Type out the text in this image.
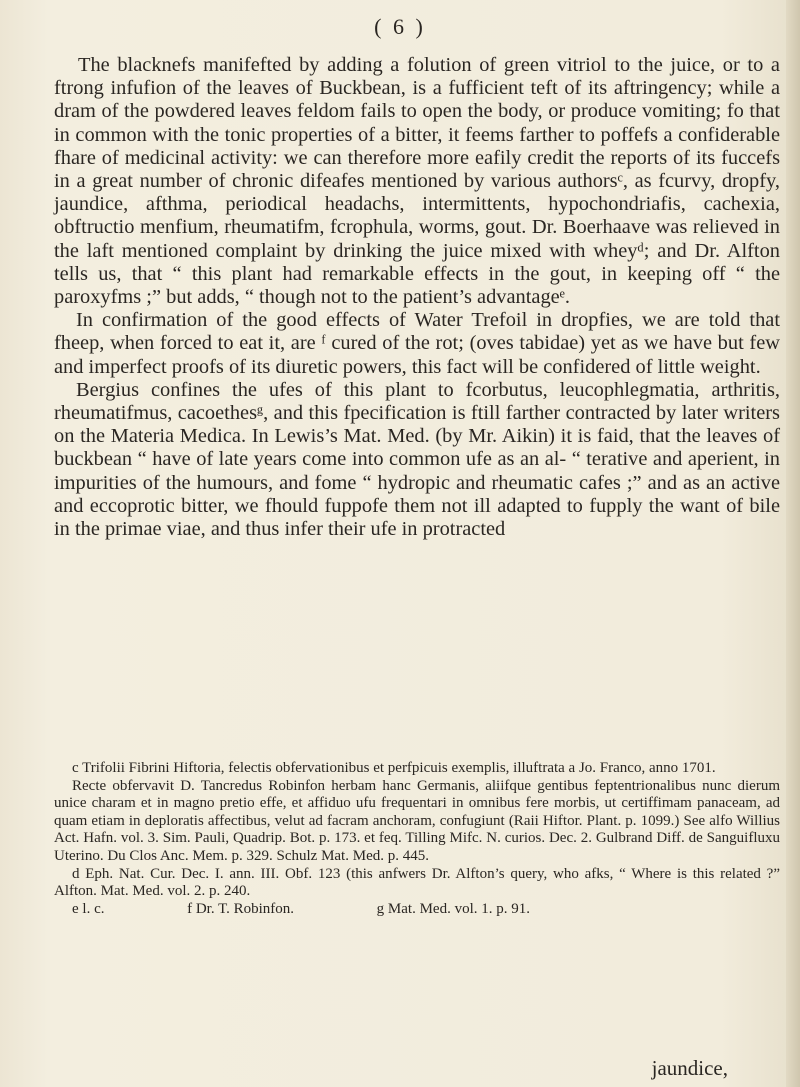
( 6 )

The blacknefs manifefted by adding a folution of green vitriol to the juice, or to a ftrong infufion of the leaves of Buckbean, is a fufficient teft of its aftringency; while a dram of the powdered leaves feldom fails to open the body, or produce vomiting; fo that in common with the tonic properties of a bitter, it feems farther to poffefs a confiderable fhare of medicinal activity: we can therefore more eafily credit the reports of its fuccefs in a great number of chronic difeafes mentioned by various authorsᶜ, as fcurvy, dropfy, jaundice, afthma, periodical headachs, intermittents, hypochondriafis, cachexia, obftructio menfium, rheumatifm, fcrophula, worms, gout. Dr. Boerhaave was relieved in the laft mentioned complaint by drinking the juice mixed with wheyᵈ; and Dr. Alfton tells us, that “ this plant had remarkable effects in the gout, in keeping off “ the paroxyfms ;” but adds, “ though not to the patient’s advantageᵉ.

In confirmation of the good effects of Water Trefoil in dropfies, we are told that fheep, when forced to eat it, are ᶠ cured of the rot; (oves tabidae) yet as we have but few and imperfect proofs of its diuretic powers, this fact will be confidered of little weight.

Bergius confines the ufes of this plant to fcorbutus, leucophlegmatia, arthritis, rheumatifmus, cacoethesᵍ, and this fpecification is ftill farther contracted by later writers on the Materia Medica. In Lewis’s Mat. Med. (by Mr. Aikin) it is faid, that the leaves of buckbean “ have of late years come into common ufe as an al- “ terative and aperient, in impurities of the humours, and fome “ hydropic and rheumatic cafes ;” and as an active and eccoprotic bitter, we fhould fuppofe them not ill adapted to fupply the want of bile in the primae viae, and thus infer their ufe in protracted

c Trifolii Fibrini Hiftoria, felectis obfervationibus et perfpicuis exemplis, illuftrata a Jo. Franco, anno 1701.

Recte obfervavit D. Tancredus Robinfon herbam hanc Germanis, aliifque gentibus feptentrionalibus nunc dierum unice charam et in magno pretio effe, et affiduo ufu frequentari in omnibus fere morbis, ut certiffimam panaceam, ad quam etiam in deploratis affectibus, velut ad facram anchoram, confugiunt (Raii Hiftor. Plant. p. 1099.) See alfo Willius Act. Hafn. vol. 3. Sim. Pauli, Quadrip. Bot. p. 173. et feq. Tilling Mifc. N. curios. Dec. 2. Gulbrand Diff. de Sanguifluxu Uterino. Du Clos Anc. Mem. p. 329. Schulz Mat. Med. p. 445.

d Eph. Nat. Cur. Dec. I. ann. III. Obf. 123 (this anfwers Dr. Alfton’s query, who afks, “ Where is this related ?” Alfton. Mat. Med. vol. 2. p. 240.

e l. c.	f Dr. T. Robinfon.	g Mat. Med. vol. 1. p. 91.
jaundice,
